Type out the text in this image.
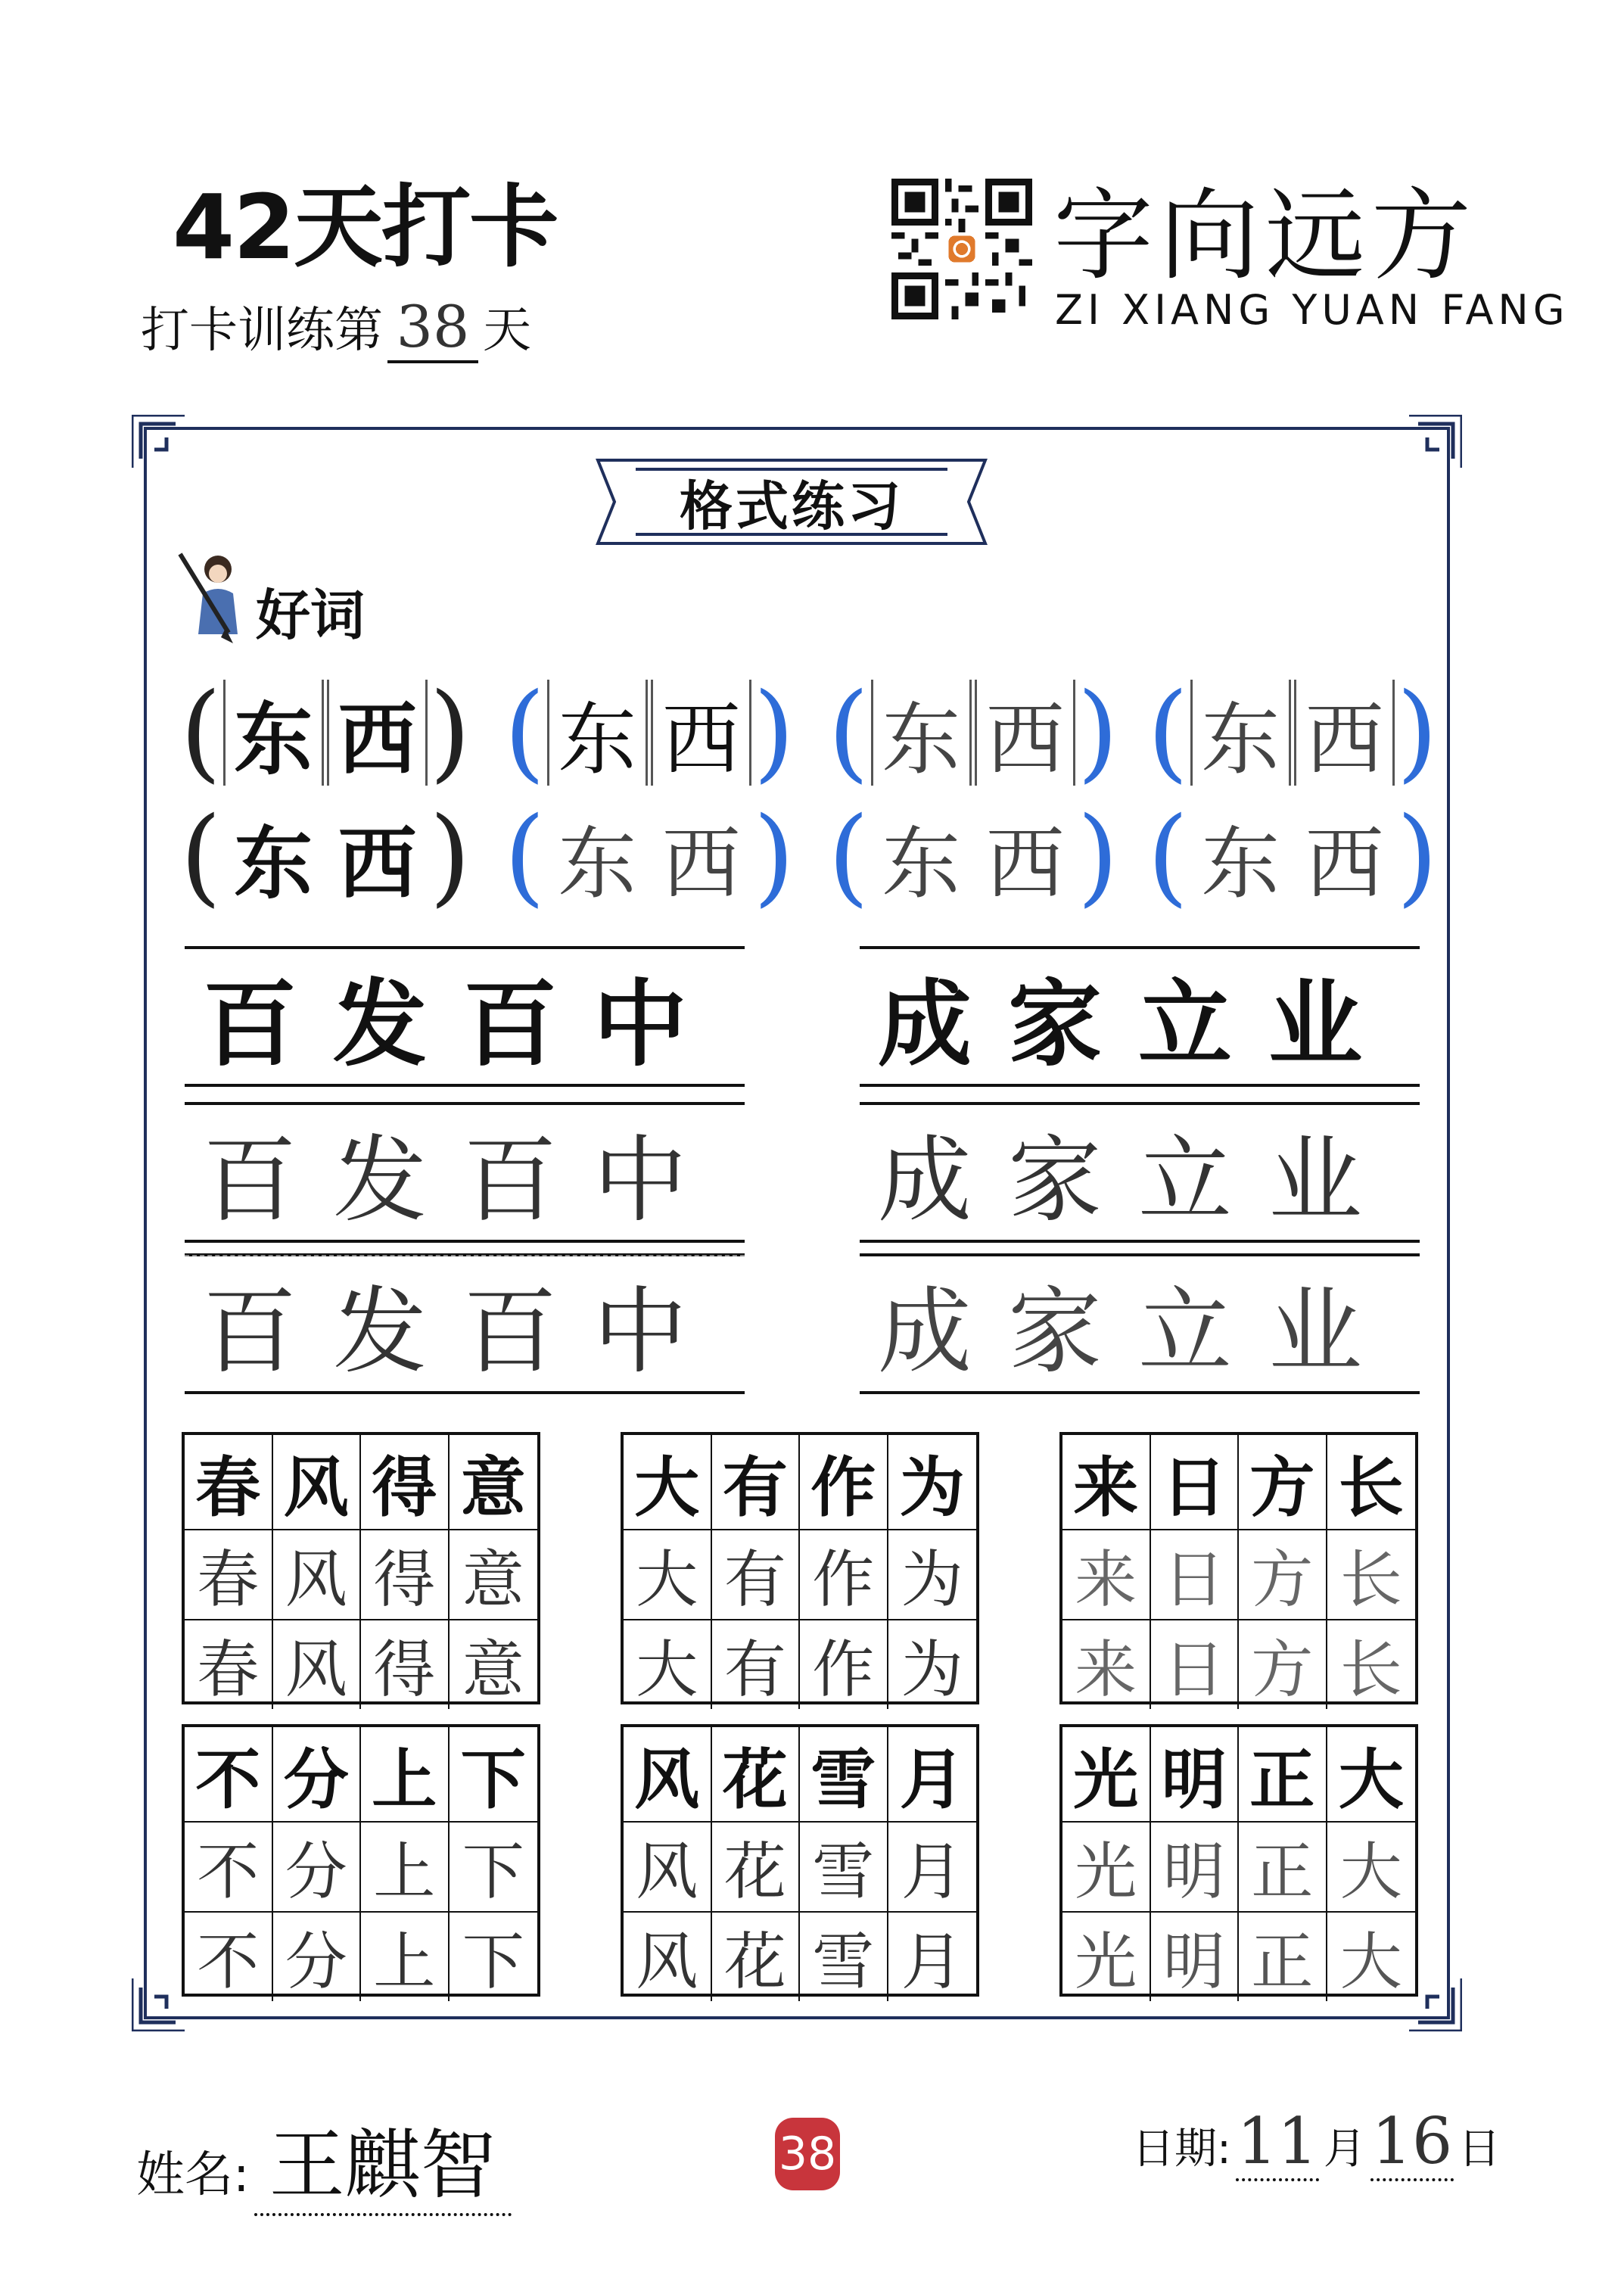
42天打卡
打卡训练第 38 天
字向远方
ZI XIANG YUAN FANG
格式练习
好词
( 东 西 ) ( 东 西 ) ( 东 西 ) ( 东 西 )
( 东 西 ) ( 东 西 ) ( 东 西 ) ( 东 西 )
百 发 百 中
百 发 百 中
百 发 百 中
成 家 立 业
成 家 立 业
成 家 立 业
春 风 得 意
春 风 得 意
春 风 得 意
大 有 作 为
大 有 作 为
大 有 作 为
来 日 方 长
来 日 方 长
来 日 方 长
不 分 上 下
不 分 上 下
不 分 上 下
风 花 雪 月
风 花 雪 月
风 花 雪 月
光 明 正 大
光 明 正 大
光 明 正 大
姓名: 王麒智	38	日期: 11 月 16 日
